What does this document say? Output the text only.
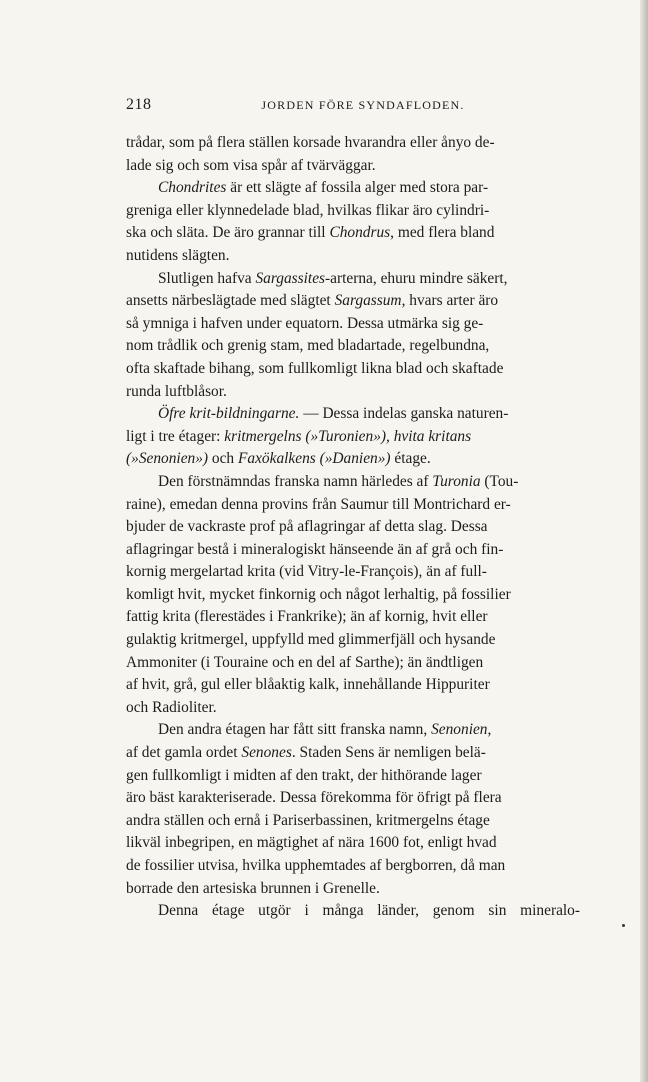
218	JORDEN FÖRE SYNDAFLODEN.

trådar, som på flera ställen korsade hvarandra eller ånyo de-
lade sig och som visa spår af tvärväggar.

Chondrites är ett slägte af fossila alger med stora par-
greniga eller klynnedelade blad, hvilkas flikar äro cylindri-
ska och släta. De äro grannar till Chondrus, med flera bland
nutidens slägten.

Slutligen hafva Sargassites-arterna, ehuru mindre säkert,
ansetts närbeslägtade med slägtet Sargassum, hvars arter äro
så ymniga i hafven under equatorn. Dessa utmärka sig ge-
nom trådlik och grenig stam, med bladartade, regelbundna,
ofta skaftade bihang, som fullkomligt likna blad och skaftade
runda luftblåsor.

Öfre krit-bildningarne. — Dessa indelas ganska naturen-
ligt i tre étager: kritmergelns (»Turonien»), hvita kritans
(»Senonien») och Faxökalkens (»Danien») étage.

Den förstnämndas franska namn härledes af Turonia (Tou-
raine), emedan denna provins från Saumur till Montrichard er-
bjuder de vackraste prof på aflagringar af detta slag. Dessa
aflagringar bestå i mineralogiskt hänseende än af grå och fin-
kornig mergelartad krita (vid Vitry-le-François), än af full-
komligt hvit, mycket finkornig och något lerhaltig, på fossilier
fattig krita (flerestädes i Frankrike); än af kornig, hvit eller
gulaktig kritmergel, uppfylld med glimmerfjäll och hysande
Ammoniter (i Touraine och en del af Sarthe); än ändtligen
af hvit, grå, gul eller blåaktig kalk, innehållande Hippuriter
och Radioliter.

Den andra étagen har fått sitt franska namn, Senonien,
af det gamla ordet Senones. Staden Sens är nemligen belä-
gen fullkomligt i midten af den trakt, der hithörande lager
äro bäst karakteriserade. Dessa förekomma för öfrigt på flera
andra ställen och ernå i Pariserbassinen, kritmergelns étage
likväl inbegripen, en mägtighet af nära 1600 fot, enligt hvad
de fossilier utvisa, hvilka upphemtades af bergborren, då man
borrade den artesiska brunnen i Grenelle.

Denna étage utgör i många länder, genom sin mineralo-
